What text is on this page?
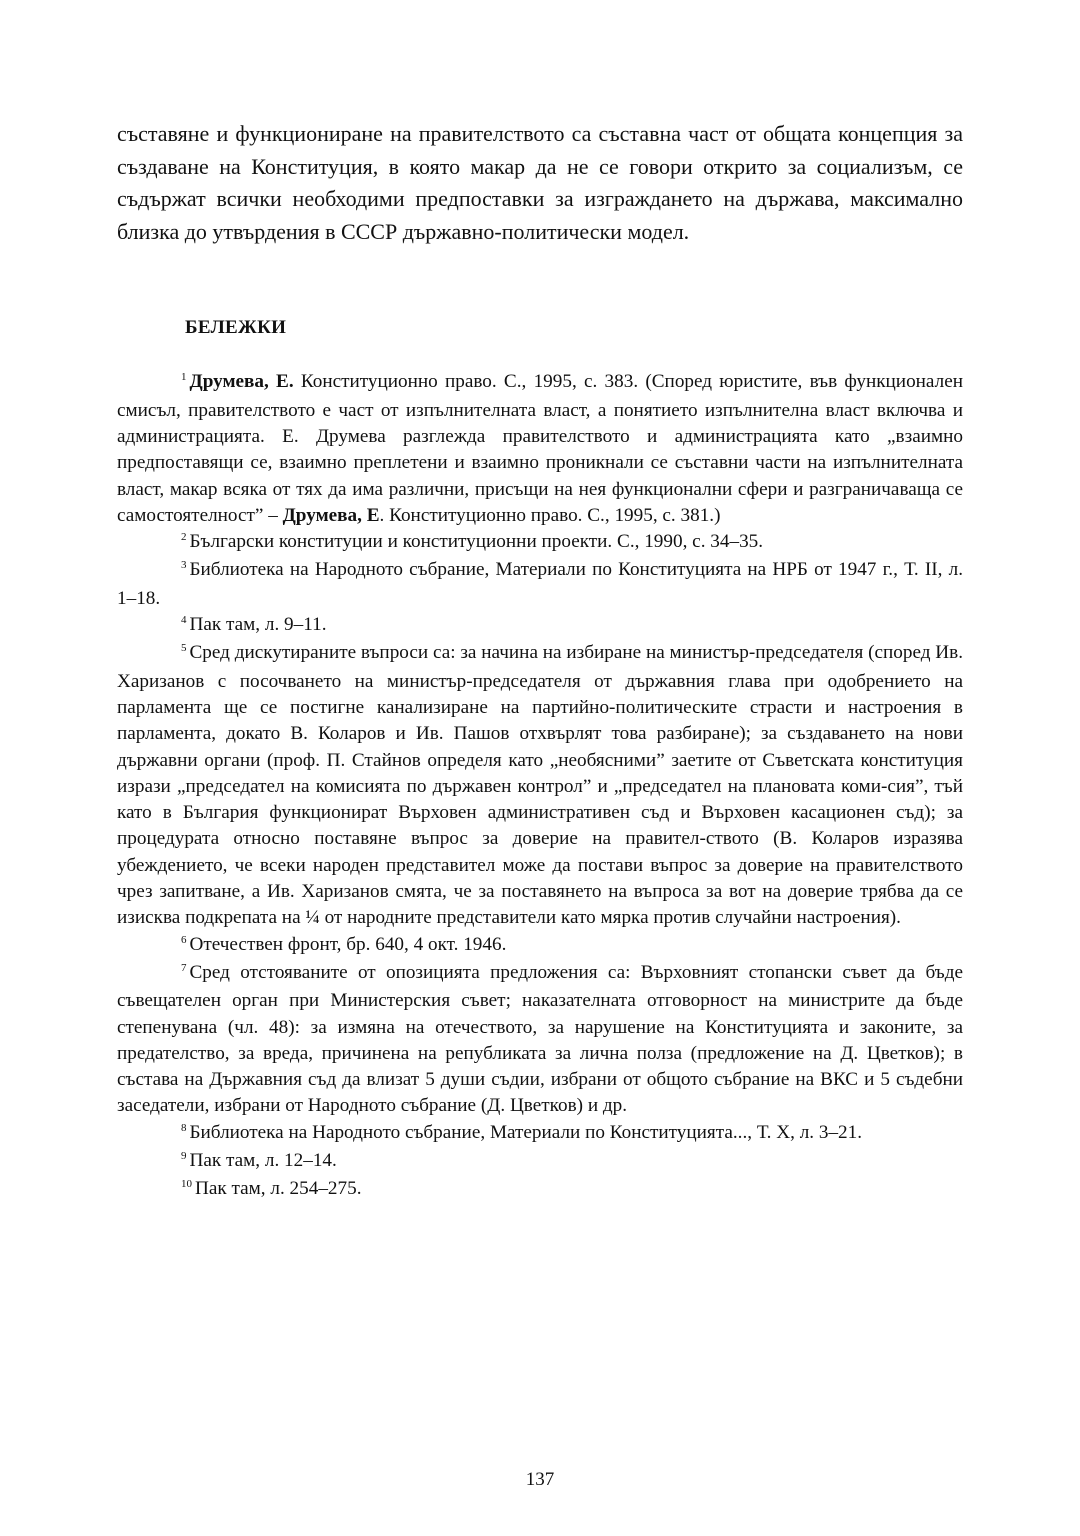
съставяне и функциониране на правителството са съставна част от общата концепция за създаване на Конституция, в която макар да не се говори открито за социализъм, се съдържат всички необходими предпоставки за изграждането на държава, максимално близка до утвърдения в СССР държавно-политически модел.

БЕЛЕЖКИ

$^1$ Друмева, Е. Конституционно право. С., 1995, с. 383. (Според юристите, във функционален смисъл, правителството е част от изпълнителната власт, а понятието изпълнителна власт включва и администрацията. Е. Друмева разглежда правителството и администрацията като „взаимно предпоставящи се, взаимно преплетени и взаимно проникнали се съставни части на изпълнителната власт, макар всяка от тях да има различни, присъщи на нея функционални сфери и разграничаваща се самостоятелност” – Друмева, Е. Конституционно право. С., 1995, с. 381.)

$^2$ Български конституции и конституционни проекти. С., 1990, с. 34–35.

$^3$ Библиотека на Народното събрание, Материали по Конституцията на НРБ от 1947 г., Т. II, л. 1–18.

$^4$ Пак там, л. 9–11.

$^5$ Сред дискутираните въпроси са: за начина на избиране на министър-председателя (според Ив. Харизанов с посочването на министър-председателя от държавния глава при одобрението на парламента ще се постигне канализиране на партийно-политическите страсти и настроения в парламента, докато В. Коларов и Ив. Пашов отхвърлят това разбиране); за създаването на нови държавни органи (проф. П. Стайнов определя като „необясними” заетите от Съветската конституция изрази „председател на комисията по държавен контрол” и „председател на плановата коми-сия”, тъй като в България функционират Върховен административен съд и Върховен касационен съд); за процедурата относно поставяне въпрос за доверие на правител-ството (В. Коларов изразява убеждението, че всеки народен представител може да постави въпрос за доверие на правителството чрез запитване, а Ив. Харизанов смята, че за поставянето на въпроса за вот на доверие трябва да се изисква подкрепата на ¼ от народните представители като мярка против случайни настроения).

$^6$ Отечествен фронт, бр. 640, 4 окт. 1946.

$^7$ Сред отстояваните от опозицията предложения са: Върховният стопански съвет да бъде съвещателен орган при Министерския съвет; наказателната отговорност на министрите да бъде степенувана (чл. 48): за измяна на отечеството, за нарушение на Конституцията и законите, за предателство, за вреда, причинена на републиката за лична полза (предложение на Д. Цветков); в състава на Държавния съд да влизат 5 души съдии, избрани от общото събрание на ВКС и 5 съдебни заседатели, избрани от Народното събрание (Д. Цветков) и др.

$^8$ Библиотека на Народното събрание, Материали по Конституцията..., Т. Х, л. 3–21.

$^9$ Пак там, л. 12–14.

$^{10}$ Пак там, л. 254–275.

137
